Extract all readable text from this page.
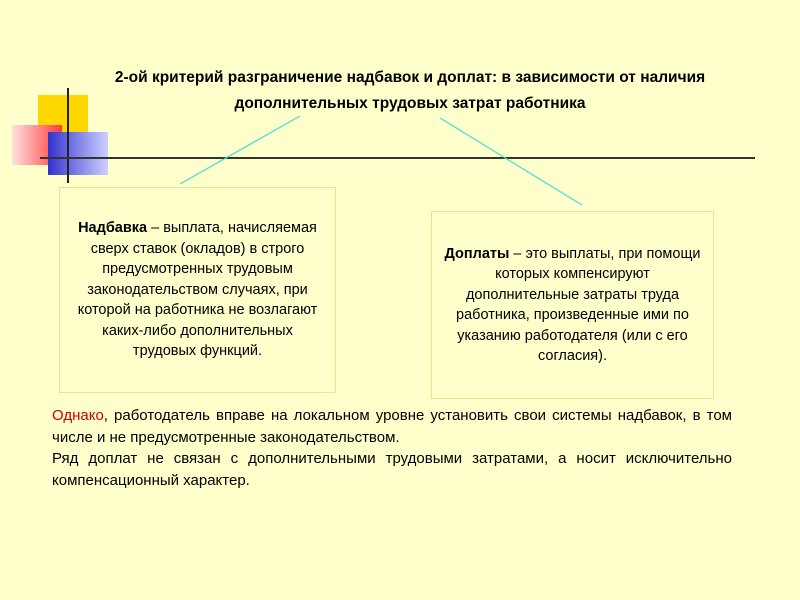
2-ой критерий разграничение надбавок и доплат: в зависимости от наличия дополнительных трудовых затрат работника
Надбавка – выплата, начисляемая сверх ставок (окладов) в строго предусмотренных трудовым законодательством случаях, при которой на работника не возлагают каких-либо дополнительных трудовых функций.
Доплаты – это выплаты, при помощи которых компенсируют дополнительные затраты труда работника, произведенные ими по указанию работодателя (или с его согласия).

Однако, работодатель вправе на локальном уровне установить свои системы надбавок, в том числе и не предусмотренные законодательством.

Ряд доплат не связан с дополнительными трудовыми затратами, а носит исключительно компенсационный характер.
